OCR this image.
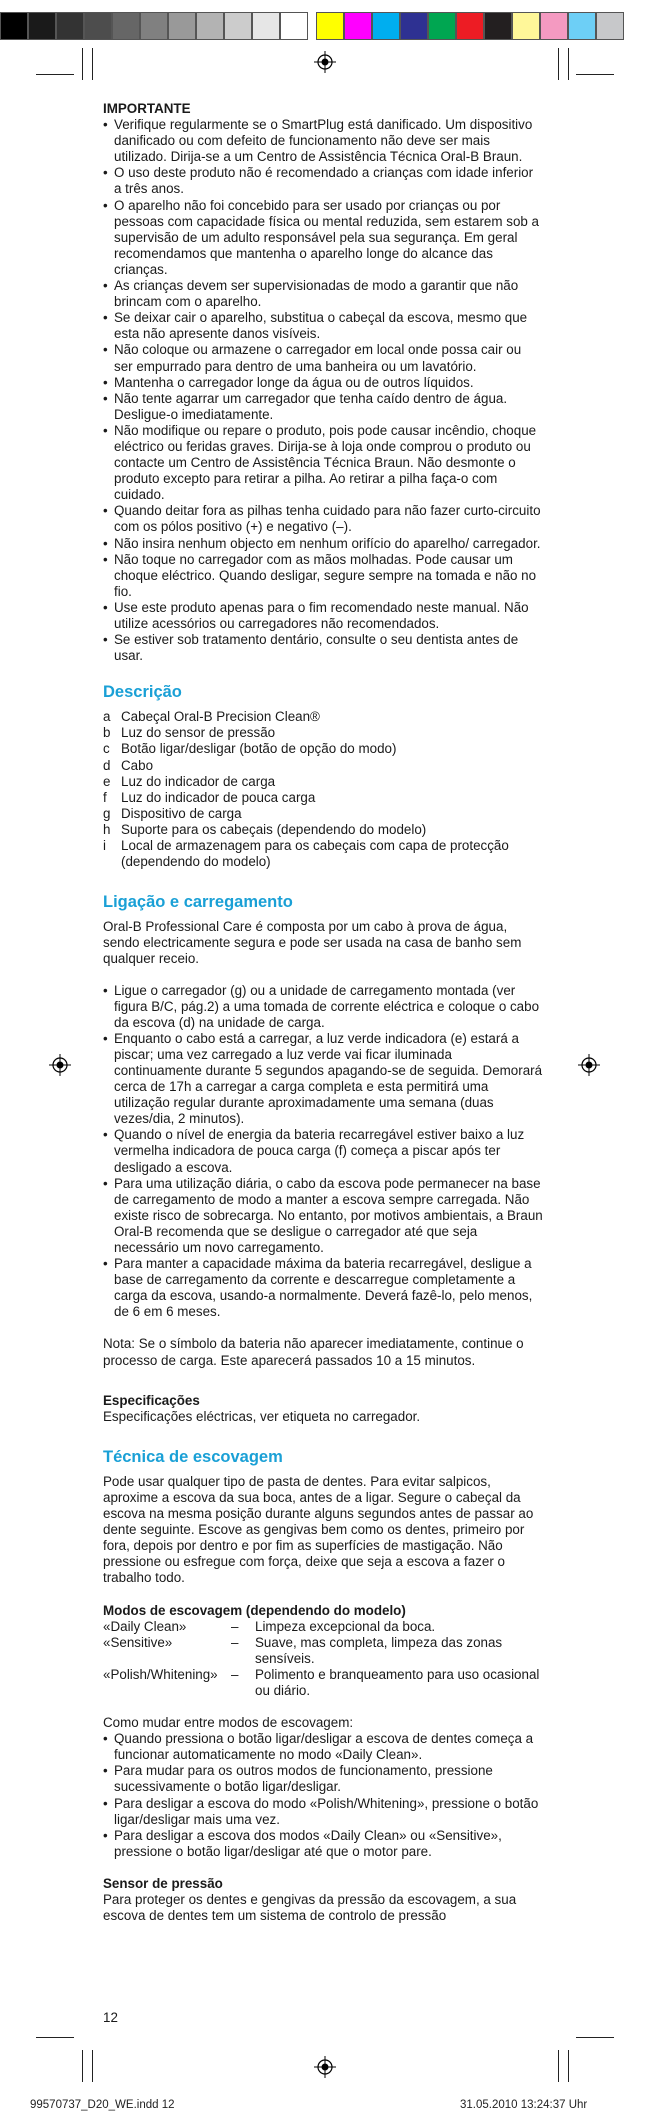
IMPORTANTE
• Verifique regularmente se o SmartPlug está danificado. Um dispositivo danificado ou com defeito de funcionamento não deve ser mais utilizado. Dirija-se a um Centro de Assistência Técnica Oral-B Braun.
• O uso deste produto não é recomendado a crianças com idade inferior a três anos.
• O aparelho não foi concebido para ser usado por crianças ou por pessoas com capacidade física ou mental reduzida, sem estarem sob a supervisão de um adulto responsável pela sua segurança. Em geral recomendamos que mantenha o aparelho longe do alcance das crianças.
• As crianças devem ser supervisionadas de modo a garantir que não brincam com o aparelho.
• Se deixar cair o aparelho, substitua o cabeçal da escova, mesmo que esta não apresente danos visíveis.
• Não coloque ou armazene o carregador em local onde possa cair ou ser empurrado para dentro de uma banheira ou um lavatório.
• Mantenha o carregador longe da água ou de outros líquidos.
• Não tente agarrar um carregador que tenha caído dentro de água. Desligue-o imediatamente.
• Não modifique ou repare o produto, pois pode causar incêndio, choque eléctrico ou feridas graves. Dirija-se à loja onde comprou o produto ou contacte um Centro de Assistência Técnica Braun. Não desmonte o produto excepto para retirar a pilha. Ao retirar a pilha faça-o com cuidado.
• Quando deitar fora as pilhas tenha cuidado para não fazer curto-circuito com os pólos positivo (+) e negativo (–).
• Não insira nenhum objecto em nenhum orifício do aparelho/ carregador.
• Não toque no carregador com as mãos molhadas. Pode causar um choque eléctrico. Quando desligar, segure sempre na tomada e não no fio.
• Use este produto apenas para o fim recomendado neste manual. Não utilize acessórios ou carregadores não recomendados.
• Se estiver sob tratamento dentário, consulte o seu dentista antes de usar.
Descrição
a Cabeçal Oral-B Precision Clean®
b Luz do sensor de pressão
c Botão ligar/desligar (botão de opção do modo)
d Cabo
e Luz do indicador de carga
f	Luz do indicador de pouca carga
g Dispositivo de carga
h Suporte para os cabeçais (dependendo do modelo)
i	Local de armazenagem para os cabeçais com capa de protecção (dependendo do modelo)
Ligação e carregamento

Oral-B Professional Care é composta por um cabo à prova de água, sendo electricamente segura e pode ser usada na casa de banho sem qualquer receio.

• Ligue o carregador (g) ou a unidade de carregamento montada (ver figura B/C, pág.2) a uma tomada de corrente eléctrica e coloque o cabo da escova (d) na unidade de carga.
• Enquanto o cabo está a carregar, a luz verde indicadora (e) estará a piscar; uma vez carregado a luz verde vai ficar iluminada continuamente durante 5 segundos apagando-se de seguida. Demorará cerca de 17h a carregar a carga completa e esta permitirá uma utilização regular durante aproximadamente uma semana (duas vezes/dia, 2 minutos).
• Quando o nível de energia da bateria recarregável estiver baixo a luz vermelha indicadora de pouca carga (f) começa a piscar após ter desligado a escova.
• Para uma utilização diária, o cabo da escova pode permanecer na base de carregamento de modo a manter a escova sempre carregada. Não existe risco de sobrecarga. No entanto, por motivos ambientais, a Braun Oral-B recomenda que se desligue o carregador até que seja necessário um novo carregamento.
• Para manter a capacidade máxima da bateria recarregável, desligue a base de carregamento da corrente e descarregue completamente a carga da escova, usando-a normalmente. Deverá fazê-lo, pelo menos, de 6 em 6 meses.

Nota: Se o símbolo da bateria não aparecer imediatamente, continue o processo de carga. Este aparecerá passados 10 a 15 minutos.

Especificações

Especificações eléctricas, ver etiqueta no carregador.

Técnica de escovagem

Pode usar qualquer tipo de pasta de dentes. Para evitar salpicos, aproxime a escova da sua boca, antes de a ligar. Segure o cabeçal da escova na mesma posição durante alguns segundos antes de passar ao dente seguinte. Escove as gengivas bem como os dentes, primeiro por fora, depois por dentro e por fim as superfícies de mastigação. Não pressione ou esfregue com força, deixe que seja a escova a fazer o trabalho todo.

Modos de escovagem (dependendo do modelo)
«Daily Clean»	–	Limpeza excepcional da boca.
«Sensitive»	–	Suave, mas completa, limpeza das zonas sensíveis.
«Polish/Whitening» –	Polimento e branqueamento para uso ocasional ou diário.

Como mudar entre modos de escovagem:

• Quando pressiona o botão ligar/desligar a escova de dentes começa a funcionar automaticamente no modo «Daily Clean».
• Para mudar para os outros modos de funcionamento, pressione sucessivamente o botão ligar/desligar.
• Para desligar a escova do modo «Polish/Whitening», pressione o botão ligar/desligar mais uma vez.
• Para desligar a escova dos modos «Daily Clean» ou «Sensitive», pressione o botão ligar/desligar até que o motor pare.
Sensor de pressão

Para proteger os dentes e gengivas da pressão da escovagem, a sua escova de dentes tem um sistema de controlo de pressão

12
99570737_D20_WE.indd 12	31.05.2010 13:24:37 Uhr
